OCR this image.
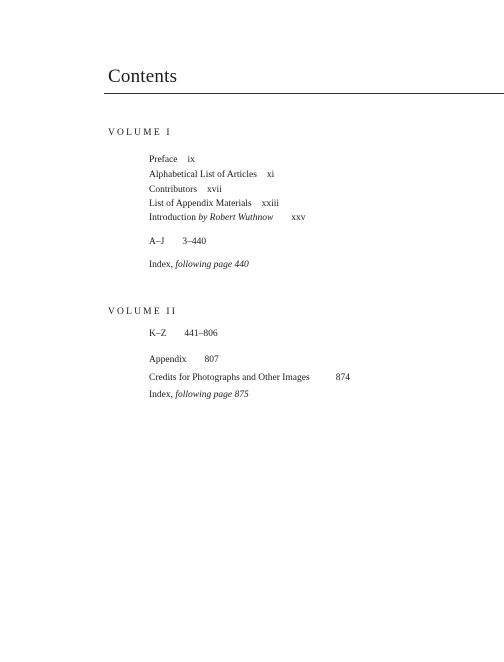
Contents
VOLUME I
Preface ix
Alphabetical List of Articles xi
Contributors xvii
List of Appendix Materials xxiii
Introduction by Robert Wuthnow xxv
A–J 3–440
Index, following page 440
VOLUME II
K–Z 441–806
Appendix 807
Credits for Photographs and Other Images	874
Index, following page 875
